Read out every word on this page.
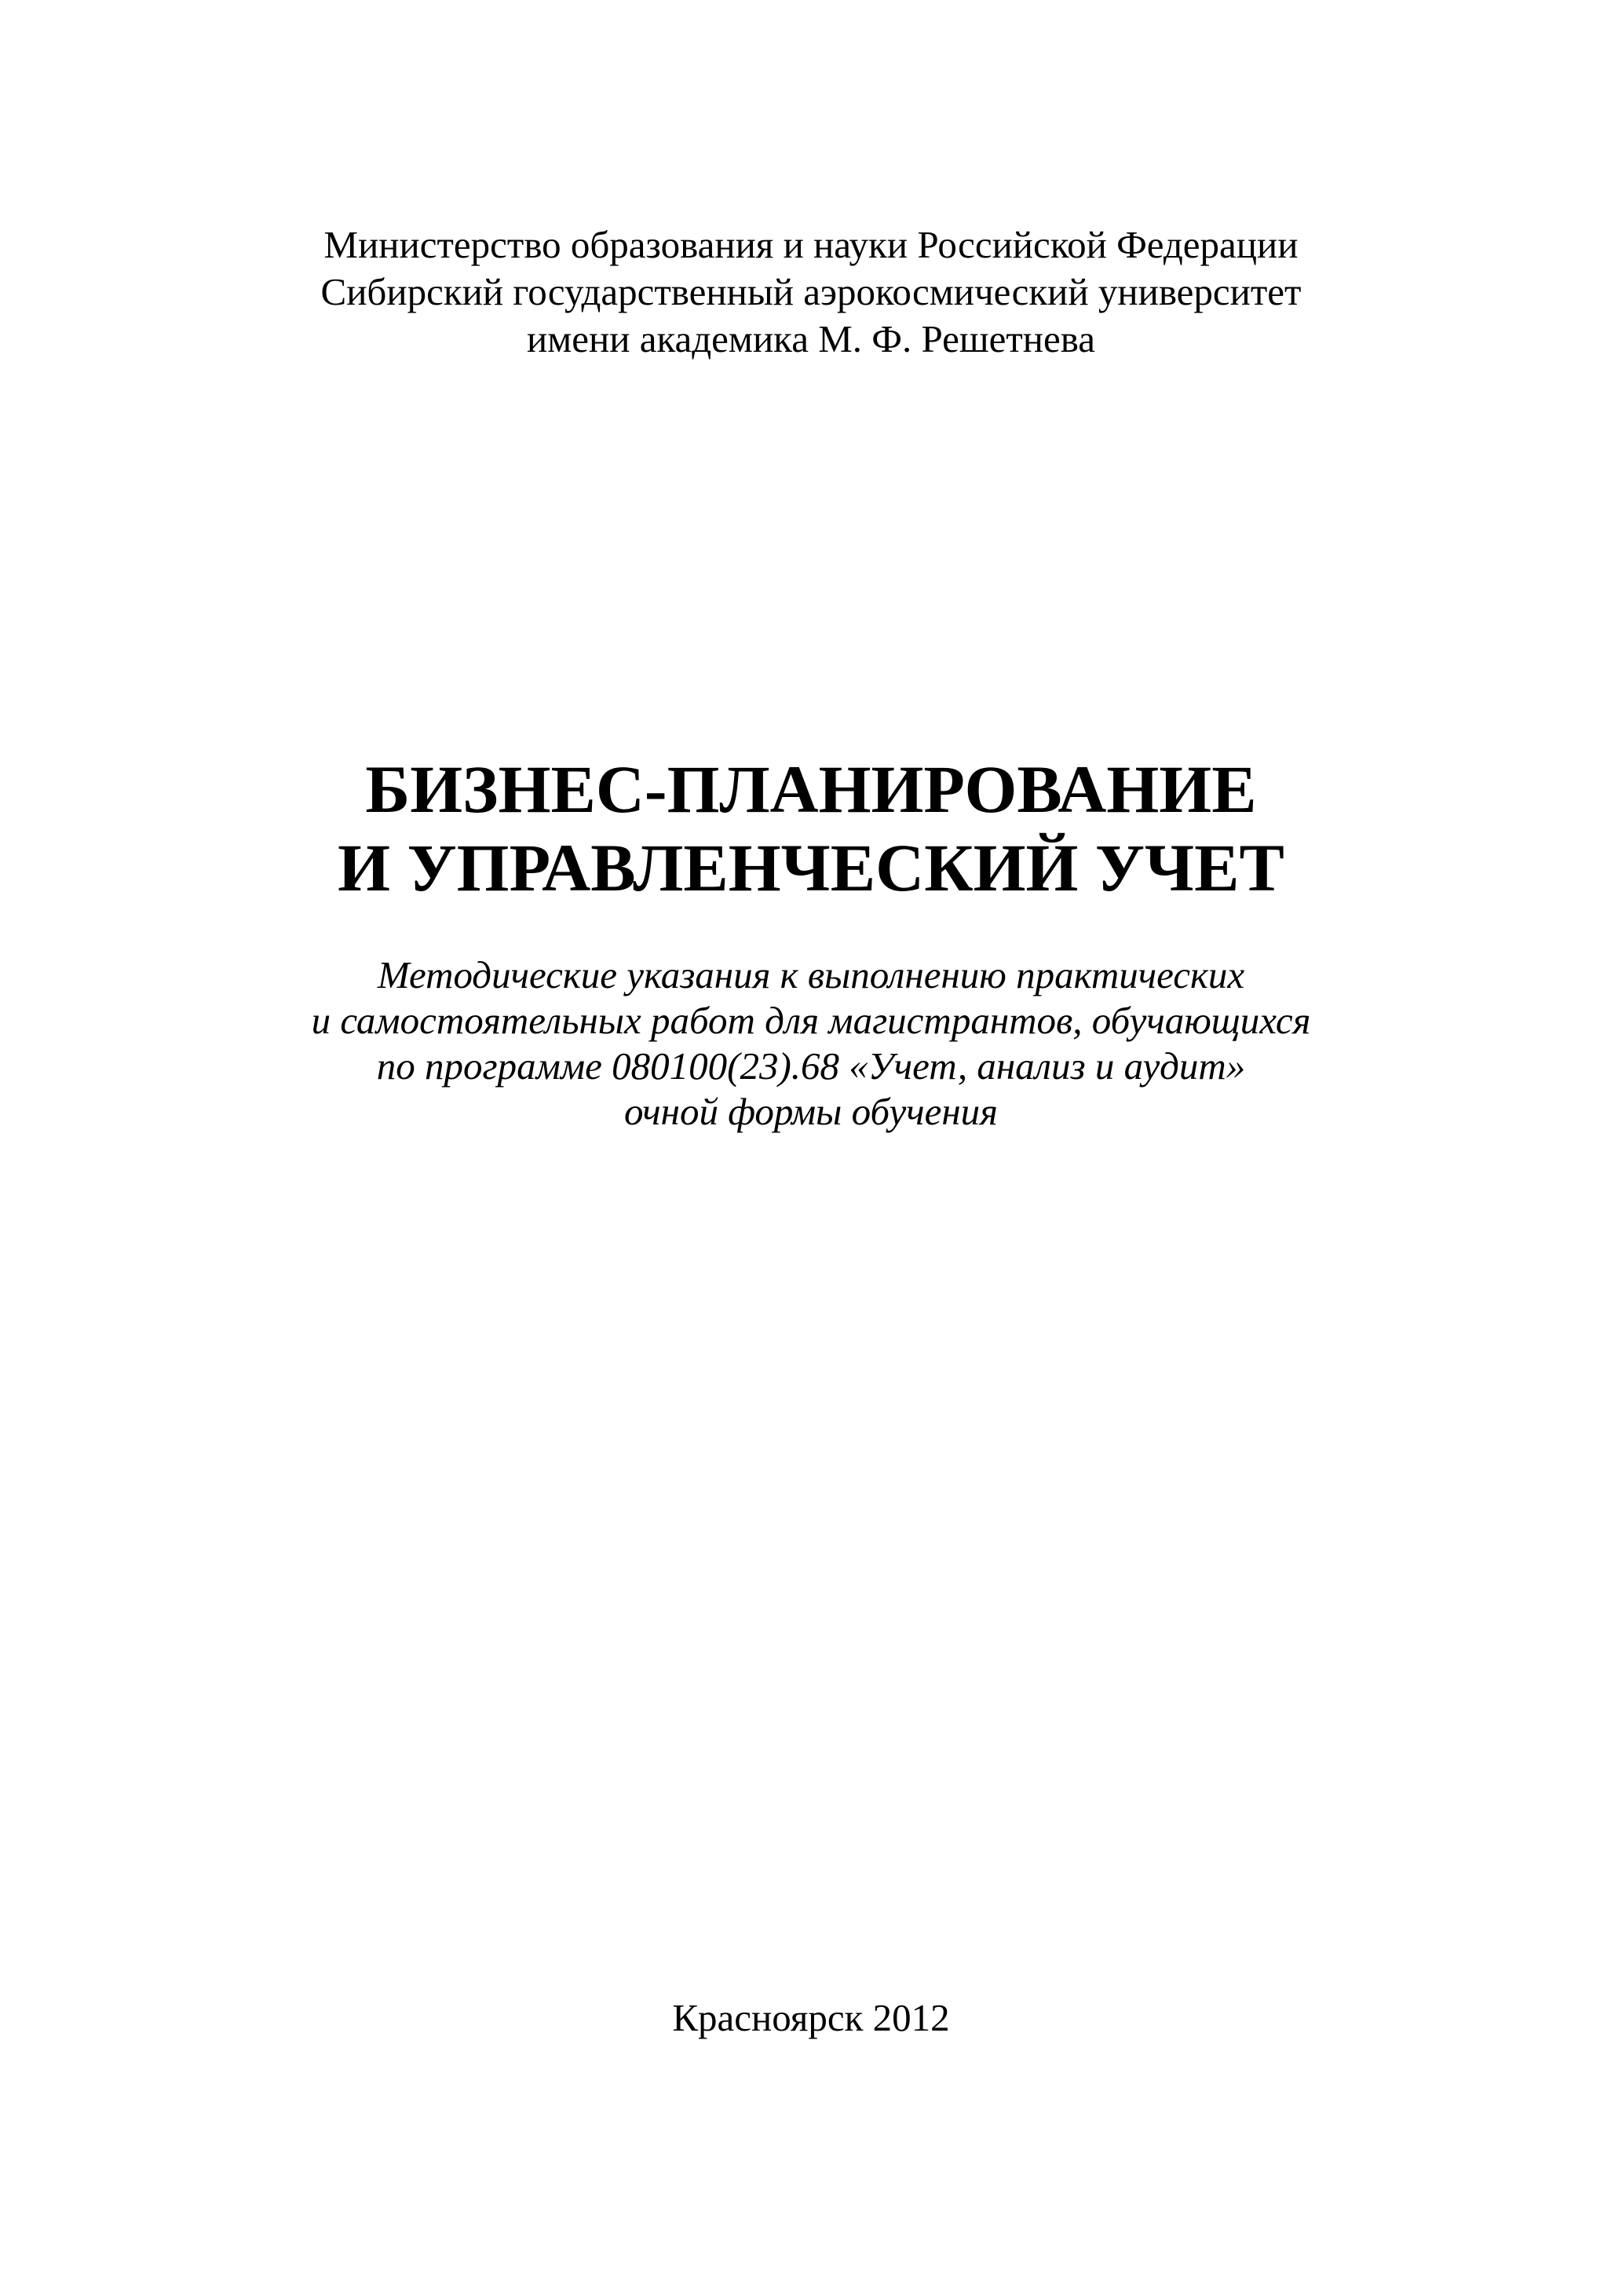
Министерство образования и науки Российской Федерации
Сибирский государственный аэрокосмический университет
имени академика М. Ф. Решетнева
БИЗНЕС-ПЛАНИРОВАНИЕ
И УПРАВЛЕНЧЕСКИЙ УЧЕТ
Методические указания к выполнению практических
и самостоятельных работ для магистрантов, обучающихся
по программе 080100(23).68 «Учет, анализ и аудит»
очной формы обучения
Красноярск 2012
